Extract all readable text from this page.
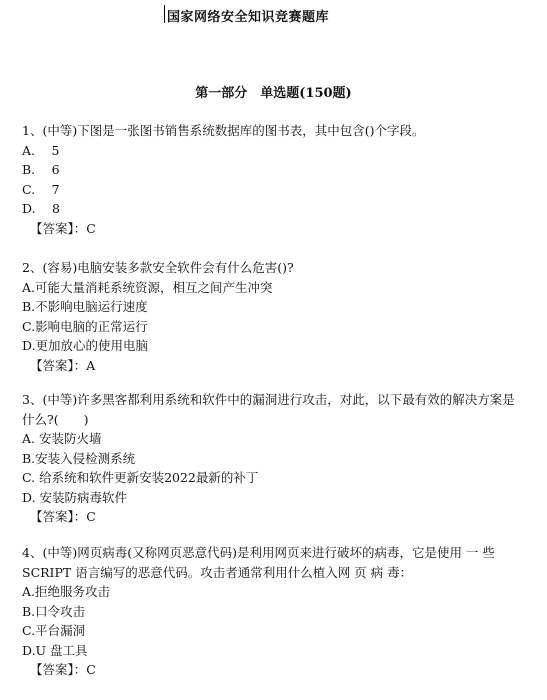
国家网络安全知识竞赛题库
第一部分　单选题(150题)
1、(中等)下图是一张图书销售系统数据库的图书表，其中包含()个字段。
A.　 5
B.　 6
C.　 7
D.　 8
【答案】：C
2、(容易)电脑安装多款安全软件会有什么危害()?
A.可能大量消耗系统资源，相互之间产生冲突
B.不影响电脑运行速度
C.影响电脑的正常运行
D.更加放心的使用电脑
【答案】：A
3、(中等)许多黑客都利用系统和软件中的漏洞进行攻击，对此，以下最有效的解决方案是什么?(　　)
A. 安装防火墙
B.安装入侵检测系统
C. 给系统和软件更新安装2022最新的补丁
D. 安装防病毒软件
【答案】：C
4、(中等)网页病毒(又称网页恶意代码)是利用网页来进行破坏的病毒，它是使用 一 些SCRIPT 语言编写的恶意代码。攻击者通常利用什么植入网 页 病 毒：
A.拒绝服务攻击
B.口令攻击
C.平台漏洞
D.U 盘工具
【答案】：C
